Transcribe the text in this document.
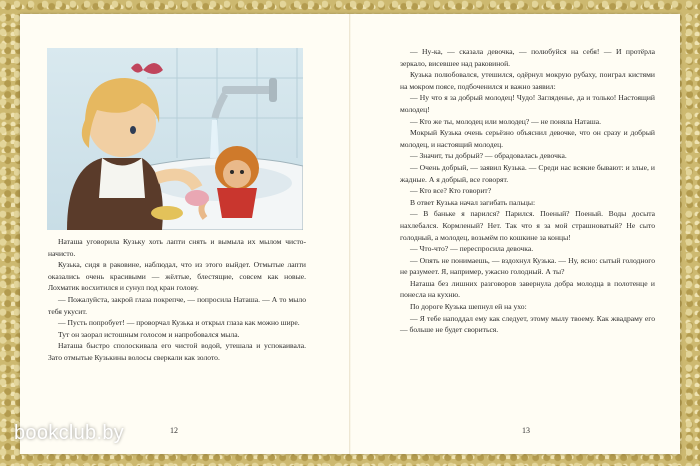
Наташа уговорила Кузьку хоть лапти снять и вымыла их мылом чисто-начисто.

Кузька, сидя в раковине, наблюдал, что из этого выйдет. Отмытые лапти оказались очень красивыми — жёлтые, блестящие, совсем как новые. Лохматик восхитился и сунул под кран голову.

— Пожалуйста, закрой глаза покрепче, — попросила Наташа. — А то мыло тебя укусит.

— Пусть попробует! — проворчал Кузька и открыл глаза как можно шире.

Тут он заорал истошным голосом и напробовался мыла.

Наташа быстро сполоскивала его чистой водой, утешала и успокаивала. Зато отмытые Кузькины волосы сверкали как золото.

12

— Ну-ка, — сказала девочка, — полюбуйся на себя! — И протёрла зеркало, висевшее над раковиной.

Кузька полюбовался, утешился, одёрнул мокрую рубаху, поиграл кистями на мокром поясе, подбоченился и важно заявил:

— Ну что я за добрый молодец! Чудо! Загляденье, да и только! Настоящий молодец!

— Кто же ты, молодец или молодец? — не поняла Наташа.

Мокрый Кузька очень серьёзно объяснил девочке, что он сразу и добрый молодец, и настоящий молодец.

— Значит, ты добрый? — обрадовалась девочка.

— Очень добрый, — заявил Кузька. — Среди нас всякие бывают: и злые, и жадные. А я добрый, все говорят.

— Кто все? Кто говорит?

В ответ Кузька начал загибать пальцы:

— В баньке я парился? Парился. Поеный? Поеный. Воды досыта нахлебался. Кормленый? Нет. Так что я за мой страшноватый? Не сыто голодный, а молодец, возьмём по кошкине за концы!

— Что-что? — переспросила девочка.

— Опять не понимаешь, — вздохнул Кузька. — Ну, ясно: сытый голодного не разумеет. Я, например, ужасно голодный. А ты?

Наташа без лишних разговоров завернула добра молодца в полотенце и понесла на кухню.

По дороге Кузька шепнул ей на ухо:

— Я тебе наподдал ему как следует, этому мылу твоему. Как жвадраму его — больше не будет свориться.

13
bookclub.by
